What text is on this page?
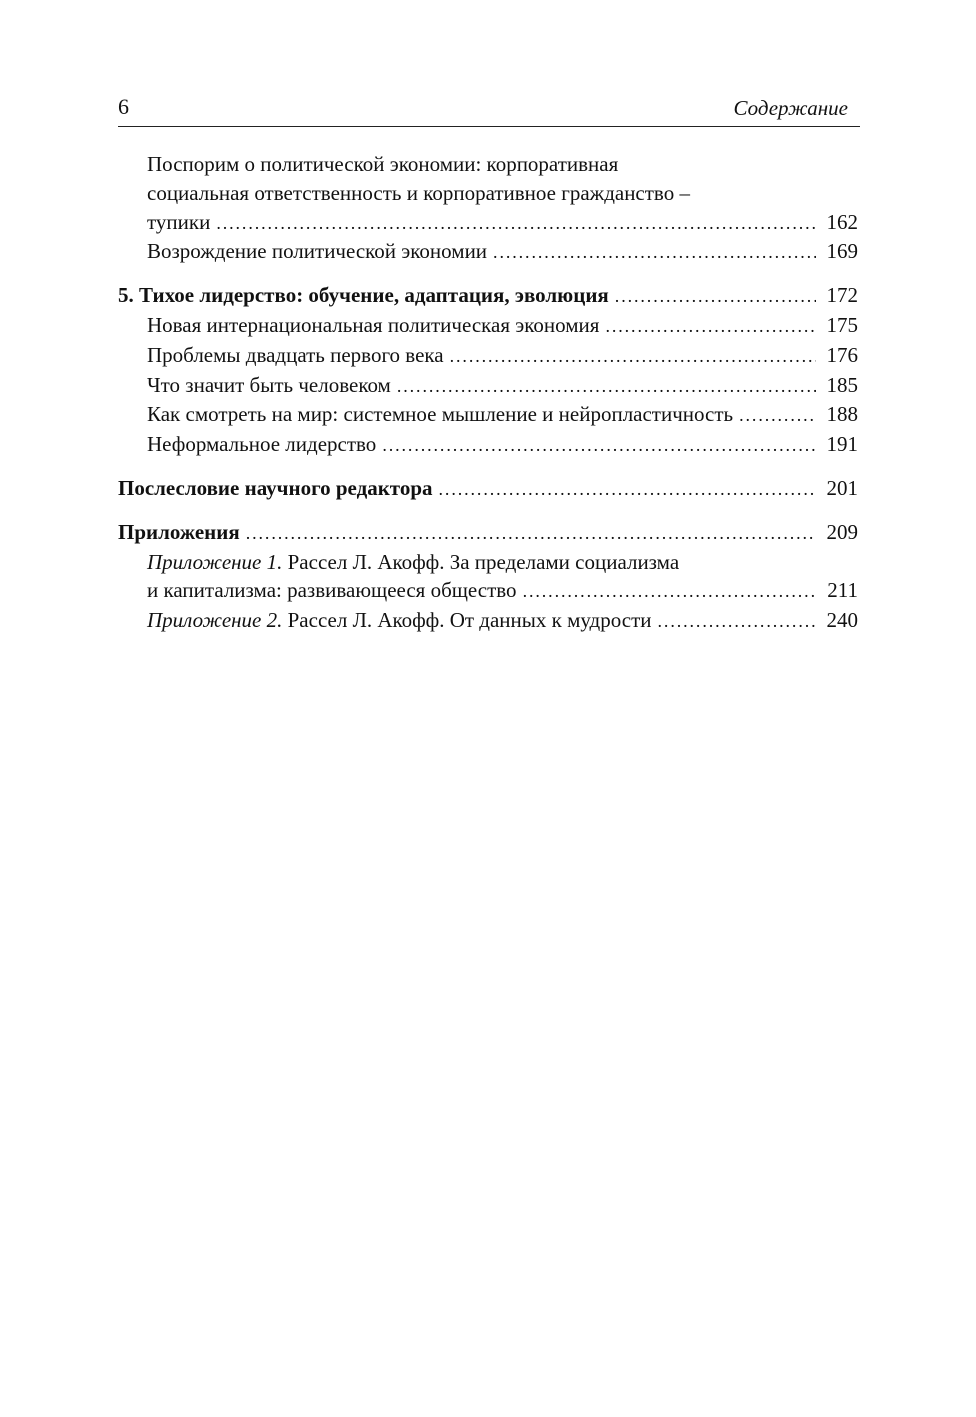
6	Содержание
Поспорим о политической экономии: корпоративная
социальная ответственность и корпоративное гражданство –
тупики . . .	162
Возрождение политической экономии . . .	169
5. Тихое лидерство: обучение, адаптация, эволюция . . .	172
Новая интернациональная политическая экономия . . .	175
Проблемы двадцать первого века . . .	176
Что значит быть человеком . . .	185
Как смотреть на мир: системное мышление и нейропластичность . . .	188
Неформальное лидерство . . .	191
Послесловие научного редактора . . .	201
Приложения . . .	209
Приложение 1. Рассел Л. Акофф. За пределами социализма
и капитализма: развивающееся общество . . .	211
Приложение 2. Рассел Л. Акофф. От данных к мудрости . . .	240
